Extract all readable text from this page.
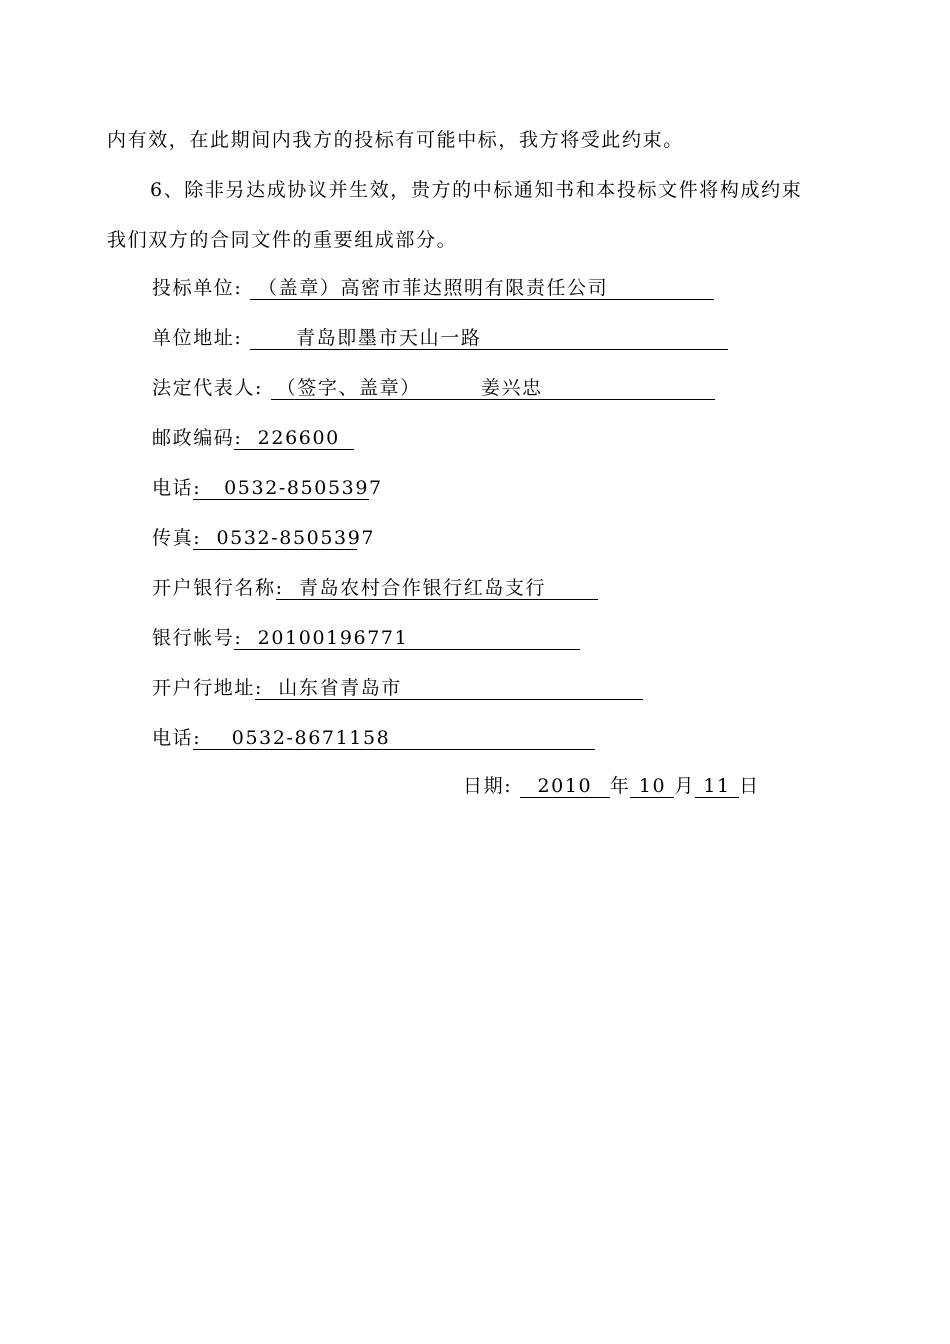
内有效，在此期间内我方的投标有可能中标，我方将受此约束。
6、除非另达成协议并生效，贵方的中标通知书和本投标文件将构成约束
我们双方的合同文件的重要组成部分。
投标单位: （盖章）高密市菲达照明有限责任公司
单位地址:	青岛即墨市天山一路
法定代表人: （签字、盖章）	姜兴忠
邮政编码:  226600
电话:   0532-8505397
传真:  0532-8505397
开户银行名称:  青岛农村合作银行红岛支行
银行帐号:  20100196771
开户行地址:  山东省青岛市
电话:    0532-8671158
日期: 2010 年 10 月 11 日
